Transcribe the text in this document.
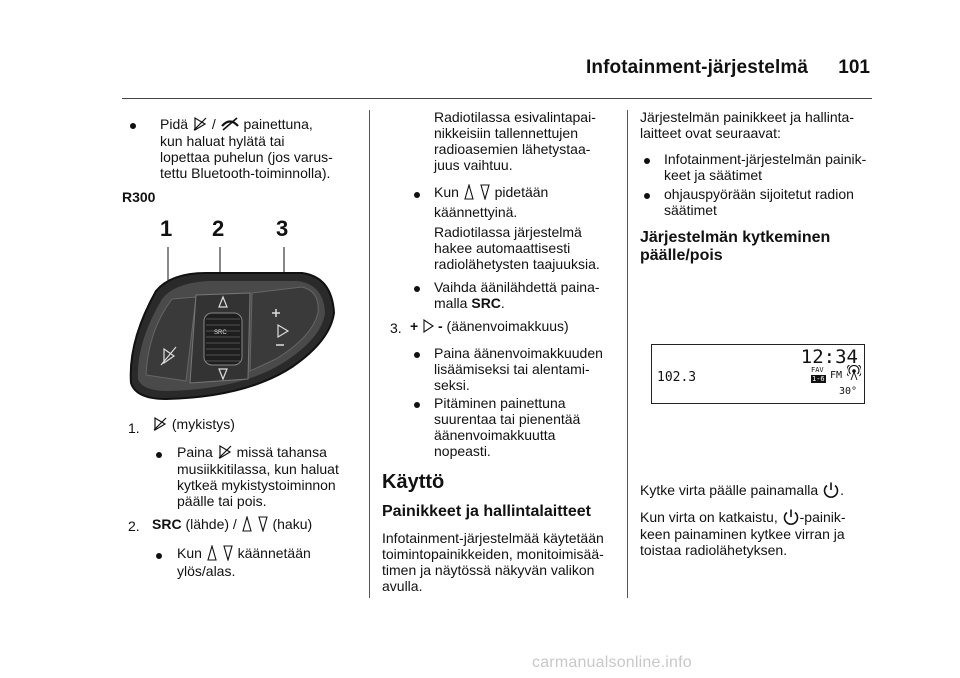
Infotainment-järjestelmä 101
Pidä / painettuna,
kun haluat hylätä tai
lopettaa puhelun (jos varus-
tettu Bluetooth-toiminnolla).
R300
1 2 3
SRC
1.	(mykistys)
Paina missä tahansa
musiikkitilassa, kun haluat
kytkeä mykistystoiminnon
päälle tai pois.
2. SRC (lähde) /	(haku)
Kun	käännetään
ylös/alas.
Radiotilassa esivalintapai-
nikkeisiin tallennettujen
radioasemien lähetystaa-
juus vaihtuu.
Kun	pidetään
käännettyinä.
Radiotilassa järjestelmä
hakee automaattisesti
radiolähetysten taajuuksia.
Vaihda äänilähdettä paina-
malla SRC.
3. + - (äänenvoimakkuus)
Paina äänenvoimakkuuden
lisäämiseksi tai alentami-
seksi.
Pitäminen painettuna
suurentaa tai pienentää
äänenvoimakkuutta
nopeasti.
Käyttö
Painikkeet ja hallintalaitteet
Infotainment-järjestelmää käytetään
toimintopainikkeiden, monitoimisää-
timen ja näytössä näkyvän valikon
avulla.
Järjestelmän painikkeet ja hallinta-
laitteet ovat seuraavat:
Infotainment-järjestelmän painik-
keet ja säätimet
ohjauspyörään sijoitetut radion
säätimet
Järjestelmän kytkeminen
päälle/pois
12:34
102.3	FAV
1-6 FM
30°
Kytke virta päälle painamalla .
Kun virta on katkaistu, -painik-
keen painaminen kytkee virran ja
toistaa radiolähetyksen.
carmanualsonline.info
